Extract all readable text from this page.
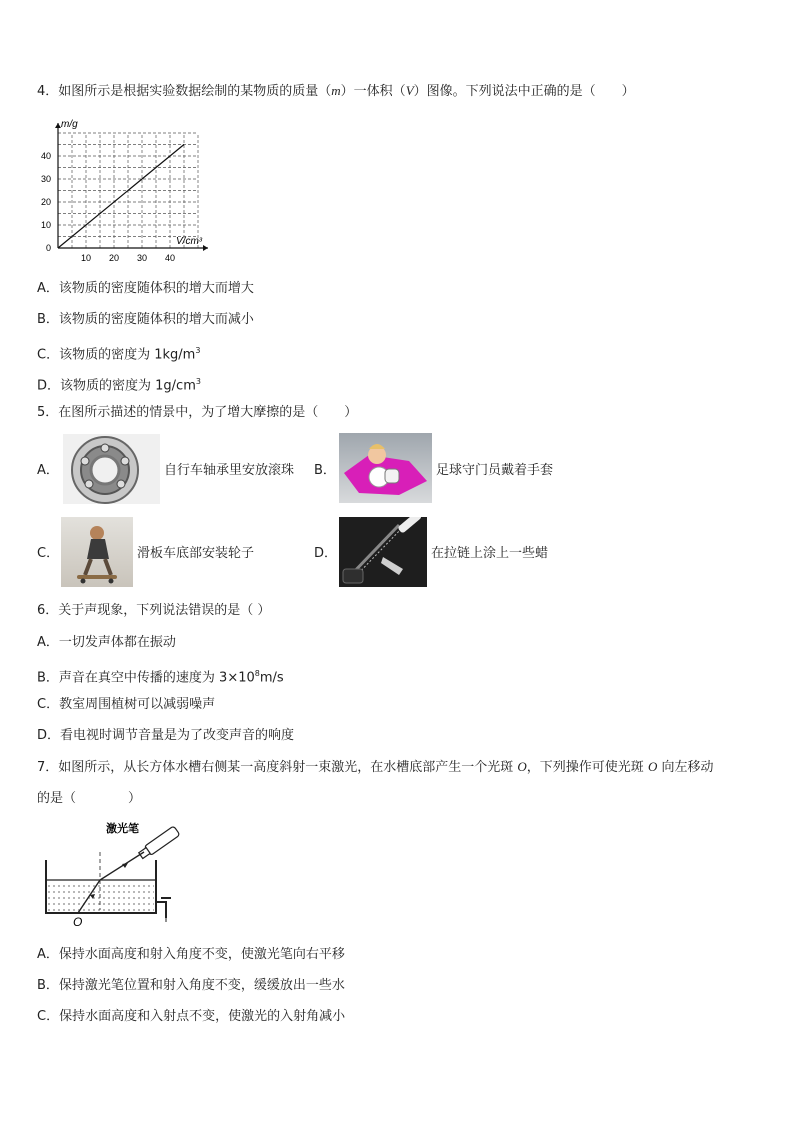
4．如图所示是根据实验数据绘制的某物质的质量（m）一体积（V）图像。下列说法中正确的是（　　）
10 20 30 40
0
10
20
30
40
m/g
V/cm³
A．该物质的密度随体积的增大而增大
B．该物质的密度随体积的增大而减小
C．该物质的密度为 $1kg/m^3$
D．该物质的密度为 $1g/cm^3$
5．在图所示描述的情景中，为了增大摩擦的是（　　）
A．	自行车轴承里安放滚珠 B．	足球守门员戴着手套
C．	滑板车底部安装轮子	D．	在拉链上涂上一些蜡
6．关于声现象，下列说法错误的是（ ）
A．一切发声体都在振动
B．声音在真空中传播的速度为 $3\times 10^8m/s$
C．教室周围植树可以减弱噪声
D．看电视时调节音量是为了改变声音的响度
7．如图所示，从长方体水槽右侧某一高度斜射一束激光，在水槽底部产生一个光斑 O，下列操作可使光斑 O 向左移动
的是（　　　　）
激光笔
O
A．保持水面高度和射入角度不变，使激光笔向右平移
B．保持激光笔位置和射入角度不变，缓缓放出一些水
C．保持水面高度和入射点不变，使激光的入射角减小
